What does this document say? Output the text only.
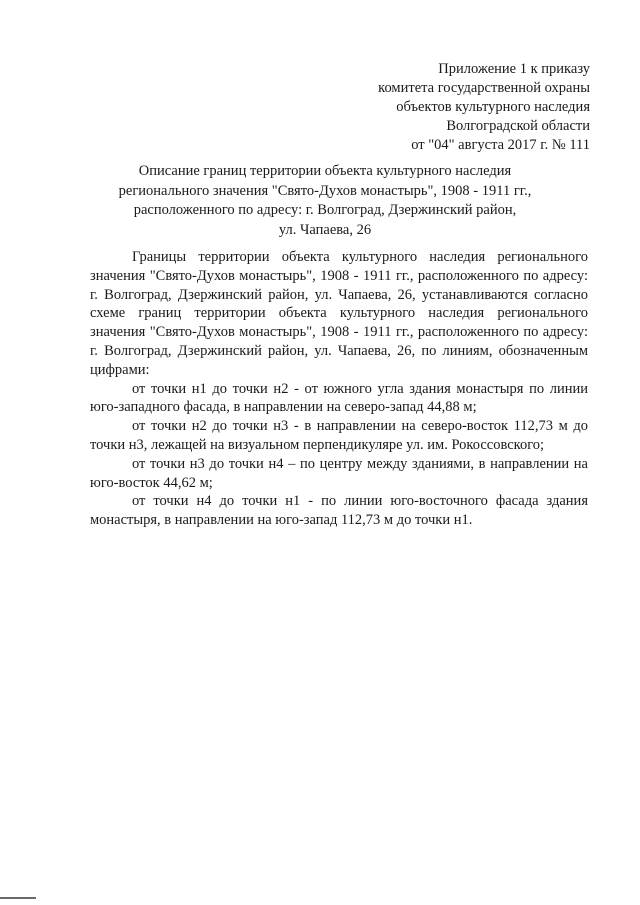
Приложение 1 к приказу
комитета государственной охраны
объектов культурного наследия
Волгоградской области
от "04" августа 2017 г. № 111
Описание границ территории объекта культурного наследия
регионального значения "Свято-Духов монастырь", 1908 - 1911 гг.,
расположенного по адресу: г. Волгоград, Дзержинский район,
ул. Чапаева, 26

Границы территории объекта культурного наследия регионального значения "Свято-Духов монастырь", 1908 - 1911 гг., расположенного по адресу: г. Волгоград, Дзержинский район, ул. Чапаева, 26, устанавливаются согласно схеме границ территории объекта культурного наследия регионального значения "Свято-Духов монастырь", 1908 - 1911 гг., расположенного по адресу: г. Волгоград, Дзержинский район, ул. Чапаева, 26, по линиям, обозначенным цифрами:

от точки н1 до точки н2 - от южного угла здания монастыря по линии юго-западного фасада, в направлении на северо-запад 44,88 м;

от точки н2 до точки н3 - в направлении на северо-восток 112,73 м до точки н3, лежащей на визуальном перпендикуляре ул. им. Рокоссовского;

от точки н3 до точки н4 – по центру между зданиями, в направлении на юго-восток 44,62 м;

от точки н4 до точки н1 - по линии юго-восточного фасада здания монастыря, в направлении на юго-запад 112,73 м до точки н1.
